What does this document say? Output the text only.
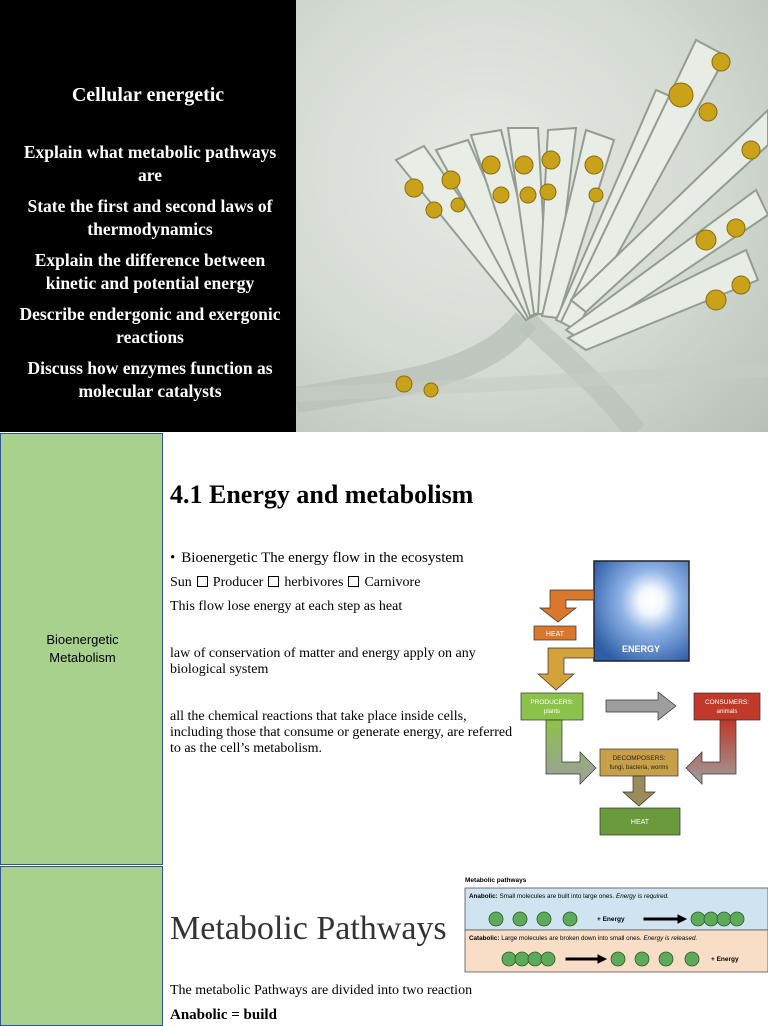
Cellular energetic
Explain what metabolic pathways are
State the first and second laws of thermodynamics
Explain the difference between kinetic and potential energy
Describe endergonic and exergonic reactions
Discuss how enzymes function as molecular catalysts
Bioenergetic
Metabolism
4.1 Energy and metabolism

• Bioenergetic The energy flow in the ecosystem

Sun Producer herbivores Carnivore

This flow lose energy at each step as heat

law of conservation of matter and energy apply on any biological system

all the chemical reactions that take place inside cells, including those that consume or generate energy, are referred to as the cell’s metabolism.

ENERGY
HEAT
PRODUCERS:
plants
CONSUMERS:
animals
DECOMPOSERS:
fungi, bacteria, worms
HEAT
Metabolic Pathways

The metabolic Pathways are divided into two reaction

Anabolic = build

Metabolic pathways
Anabolic: Small molecules are built into large ones. Energy is required.
+ Energy
Catabolic: Large molecules are broken down into small ones. Energy is released.
+ Energy
